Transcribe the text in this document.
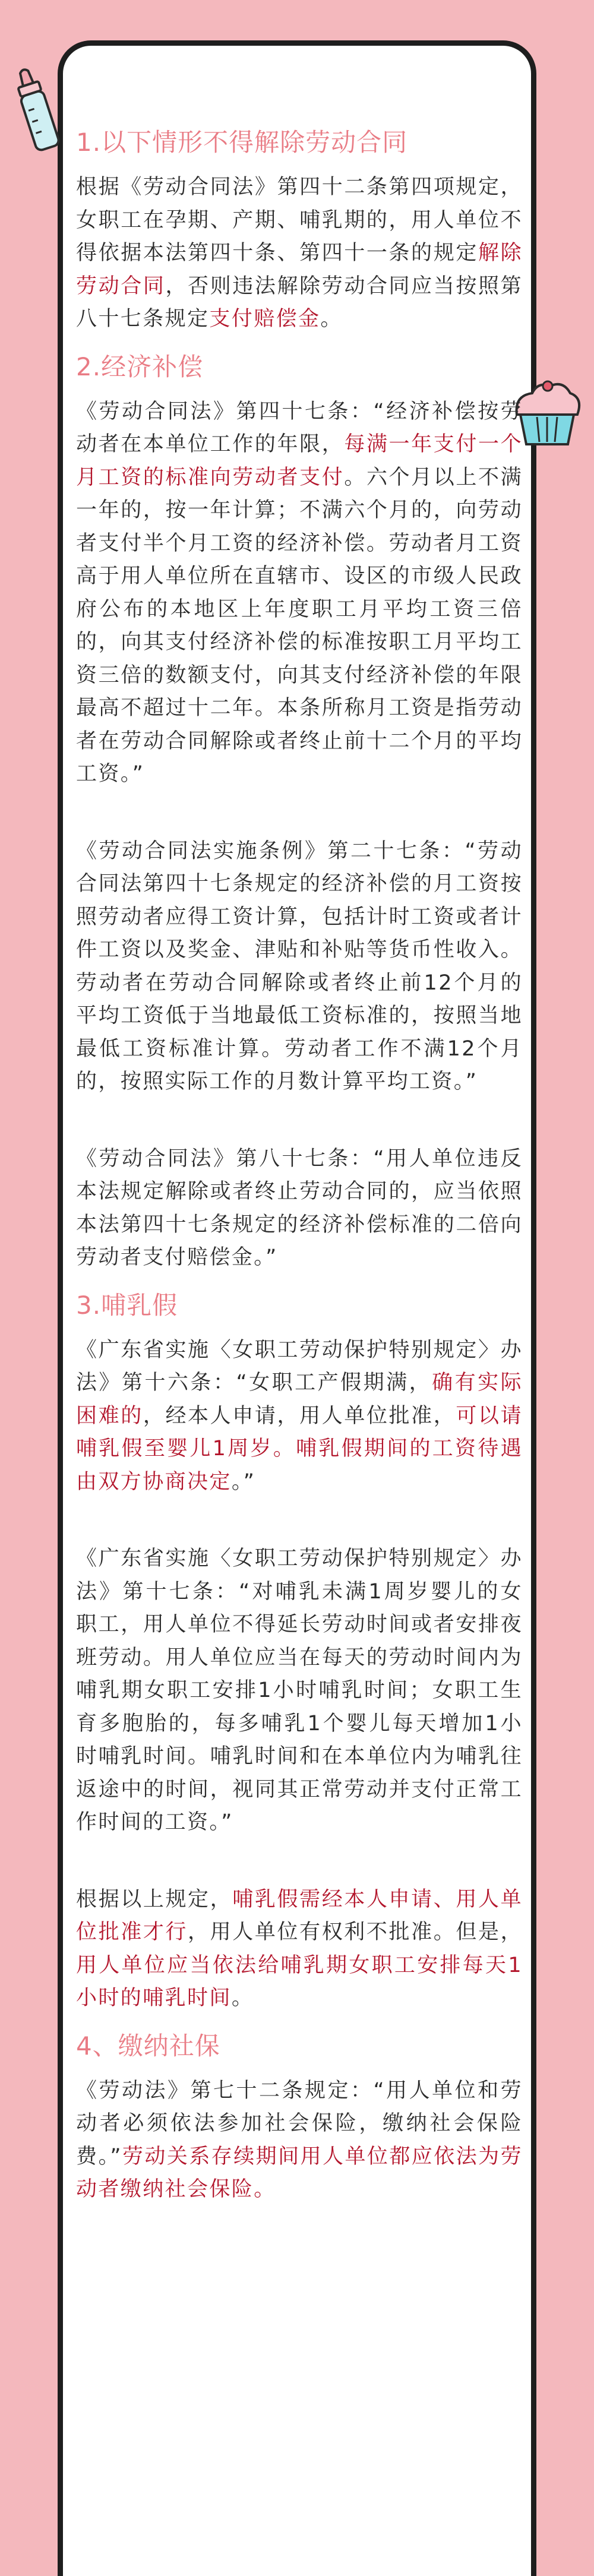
1.以下情形不得解除劳动合同
根据《劳动合同法》第四十二条第四项规定，女职工在孕期、产期、哺乳期的，用人单位不得依据本法第四十条、第四十一条的规定解除劳动合同，否则违法解除劳动合同应当按照第八十七条规定支付赔偿金。
2.经济补偿
《劳动合同法》第四十七条：“经济补偿按劳动者在本单位工作的年限，每满一年支付一个月工资的标准向劳动者支付。六个月以上不满一年的，按一年计算；不满六个月的，向劳动者支付半个月工资的经济补偿。劳动者月工资高于用人单位所在直辖市、设区的市级人民政府公布的本地区上年度职工月平均工资三倍的，向其支付经济补偿的标准按职工月平均工资三倍的数额支付，向其支付经济补偿的年限最高不超过十二年。本条所称月工资是指劳动者在劳动合同解除或者终止前十二个月的平均工资。”
《劳动合同法实施条例》第二十七条：“劳动合同法第四十七条规定的经济补偿的月工资按照劳动者应得工资计算，包括计时工资或者计件工资以及奖金、津贴和补贴等货币性收入。劳动者在劳动合同解除或者终止前12个月的平均工资低于当地最低工资标准的，按照当地最低工资标准计算。劳动者工作不满12个月的，按照实际工作的月数计算平均工资。”
《劳动合同法》第八十七条：“用人单位违反本法规定解除或者终止劳动合同的，应当依照本法第四十七条规定的经济补偿标准的二倍向劳动者支付赔偿金。”
3.哺乳假
《广东省实施〈女职工劳动保护特别规定〉办法》第十六条：“女职工产假期满，确有实际困难的，经本人申请，用人单位批准，可以请哺乳假至婴儿1周岁。哺乳假期间的工资待遇由双方协商决定。”
《广东省实施〈女职工劳动保护特别规定〉办法》第十七条：“对哺乳未满1周岁婴儿的女职工，用人单位不得延长劳动时间或者安排夜班劳动。用人单位应当在每天的劳动时间内为哺乳期女职工安排1小时哺乳时间；女职工生育多胞胎的，每多哺乳1个婴儿每天增加1小时哺乳时间。哺乳时间和在本单位内为哺乳往返途中的时间，视同其正常劳动并支付正常工作时间的工资。”
根据以上规定，哺乳假需经本人申请、用人单位批准才行，用人单位有权利不批准。但是，用人单位应当依法给哺乳期女职工安排每天1小时的哺乳时间。
4、缴纳社保
《劳动法》第七十二条规定：“用人单位和劳动者必须依法参加社会保险，缴纳社会保险费。”劳动关系存续期间用人单位都应依法为劳动者缴纳社会保险。
